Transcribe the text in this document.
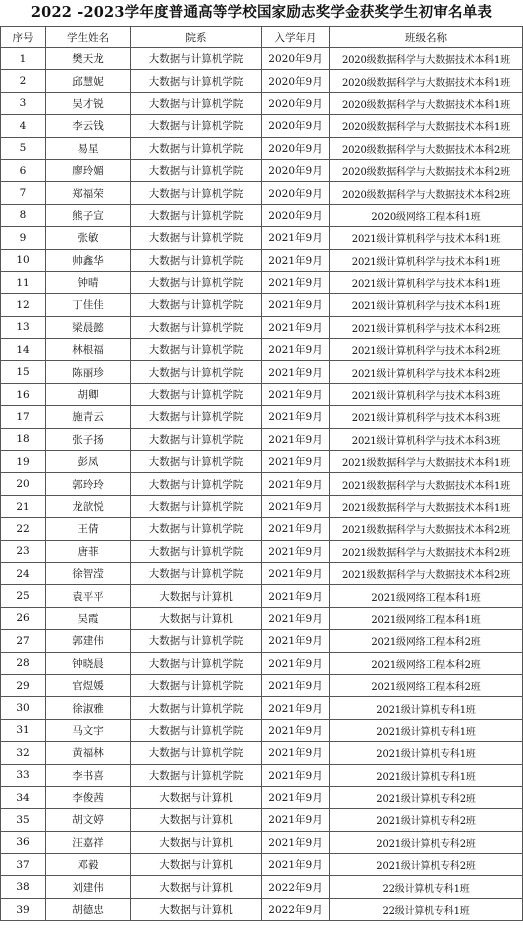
2022 -2023学年度普通高等学校国家励志奖学金获奖学生初审名单表
序号	学生姓名	院系	入学年月	班级名称
1	樊天龙	大数据与计算机学院	2020年9月	2020级数据科学与大数据技术本科1班
2	邱慧妮	大数据与计算机学院	2020年9月	2020级数据科学与大数据技术本科1班
3	吴才锐	大数据与计算机学院	2020年9月	2020级数据科学与大数据技术本科1班
4	李云钱	大数据与计算机学院	2020年9月	2020级数据科学与大数据技术本科1班
5	易星	大数据与计算机学院	2020年9月	2020级数据科学与大数据技术本科2班
6	廖玲媚	大数据与计算机学院	2020年9月	2020级数据科学与大数据技术本科2班
7	郑福荣	大数据与计算机学院	2020年9月	2020级数据科学与大数据技术本科2班
8	熊子宣	大数据与计算机学院	2020年9月	2020级网络工程本科1班
9	张敏	大数据与计算机学院	2021年9月	2021级计算机科学与技术本科1班
10	帅鑫华	大数据与计算机学院	2021年9月	2021级计算机科学与技术本科1班
11	钟晴	大数据与计算机学院	2021年9月	2021级计算机科学与技术本科1班
12	丁佳佳	大数据与计算机学院	2021年9月	2021级计算机科学与技术本科1班
13	梁晨懿	大数据与计算机学院	2021年9月	2021级计算机科学与技术本科2班
14	林根福	大数据与计算机学院	2021年9月	2021级计算机科学与技术本科2班
15	陈丽珍	大数据与计算机学院	2021年9月	2021级计算机科学与技术本科2班
16	胡卿	大数据与计算机学院	2021年9月	2021级计算机科学与技术本科3班
17	施青云	大数据与计算机学院	2021年9月	2021级计算机科学与技术本科3班
18	张子扬	大数据与计算机学院	2021年9月	2021级计算机科学与技术本科3班
19	彭凤	大数据与计算机学院	2021年9月	2021级数据科学与大数据技术本科1班
20	郭玲玲	大数据与计算机学院	2021年9月	2021级数据科学与大数据技术本科1班
21	龙歆悦	大数据与计算机学院	2021年9月	2021级数据科学与大数据技术本科1班
22	王倩	大数据与计算机学院	2021年9月	2021级数据科学与大数据技术本科2班
23	唐菲	大数据与计算机学院	2021年9月	2021级数据科学与大数据技术本科2班
24	徐智滢	大数据与计算机学院	2021年9月	2021级数据科学与大数据技术本科2班
25	袁平平	大数据与计算机	2021年9月	2021级网络工程本科1班
26	吴霞	大数据与计算机	2021年9月	2021级网络工程本科1班
27	郭建伟	大数据与计算机学院	2021年9月	2021级网络工程本科2班
28	钟晓晨	大数据与计算机学院	2021年9月	2021级网络工程本科2班
29	官煜媛	大数据与计算机学院	2021年9月	2021级网络工程本科2班
30	徐淑雅	大数据与计算机学院	2021年9月	2021级计算机专科1班
31	马文宇	大数据与计算机学院	2021年9月	2021级计算机专科1班
32	黄福林	大数据与计算机学院	2021年9月	2021级计算机专科1班
33	李书喜	大数据与计算机学院	2021年9月	2021级计算机专科1班
34	李俊茜	大数据与计算机	2021年9月	2021级计算机专科2班
35	胡文婷	大数据与计算机	2021年9月	2021级计算机专科2班
36	汪嘉祥	大数据与计算机	2021年9月	2021级计算机专科2班
37	邓毅	大数据与计算机	2021年9月	2021级计算机专科2班
38	刘建伟	大数据与计算机	2022年9月	22级计算机专科1班
39	胡德忠	大数据与计算机	2022年9月	22级计算机专科1班
